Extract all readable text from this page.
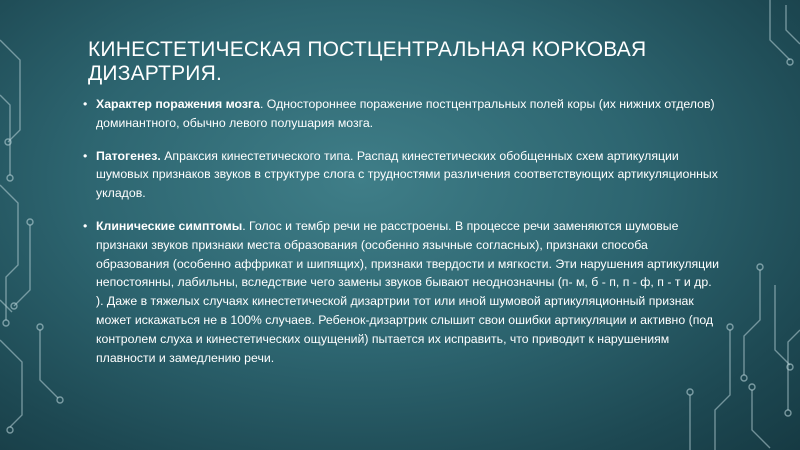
КИНЕСТЕТИЧЕСКАЯ ПОСТЦЕНТРАЛЬНАЯ КОРКОВАЯ
ДИЗАРТРИЯ.
• Характер поражения мозга. Одностороннее поражение постцентральных полей коры (их нижних отделов) доминантного, обычно левого полушария мозга.
• Патогенез. Апраксия кинестетического типа. Распад кинестетических обобщенных схем артикуляции шумовых признаков звуков в структуре слога с трудностями различения соответствующих артикуляционных укладов.
• Клинические симптомы. Голос и тембр речи не расстроены. В процессе речи заменяются шумовые признаки звуков признаки места образования (особенно язычные согласных), признаки способа образования (особенно аффрикат и шипящих), признаки твердости и мягкости. Эти нарушения артикуляции непостоянны, лабильны, вследствие чего замены звуков бывают неоднозначны (п- м, б - п, п - ф, п - т и др. ). Даже в тяжелых случаях кинестетической дизартрии тот или иной шумовой артикуляционный признак может искажаться не в 100% случаев. Ребенок-дизартрик слышит свои ошибки артикуляции и активно (под контролем слуха и кинестетических ощущений) пытается их исправить, что приводит к нарушениям плавности и замедлению речи.
